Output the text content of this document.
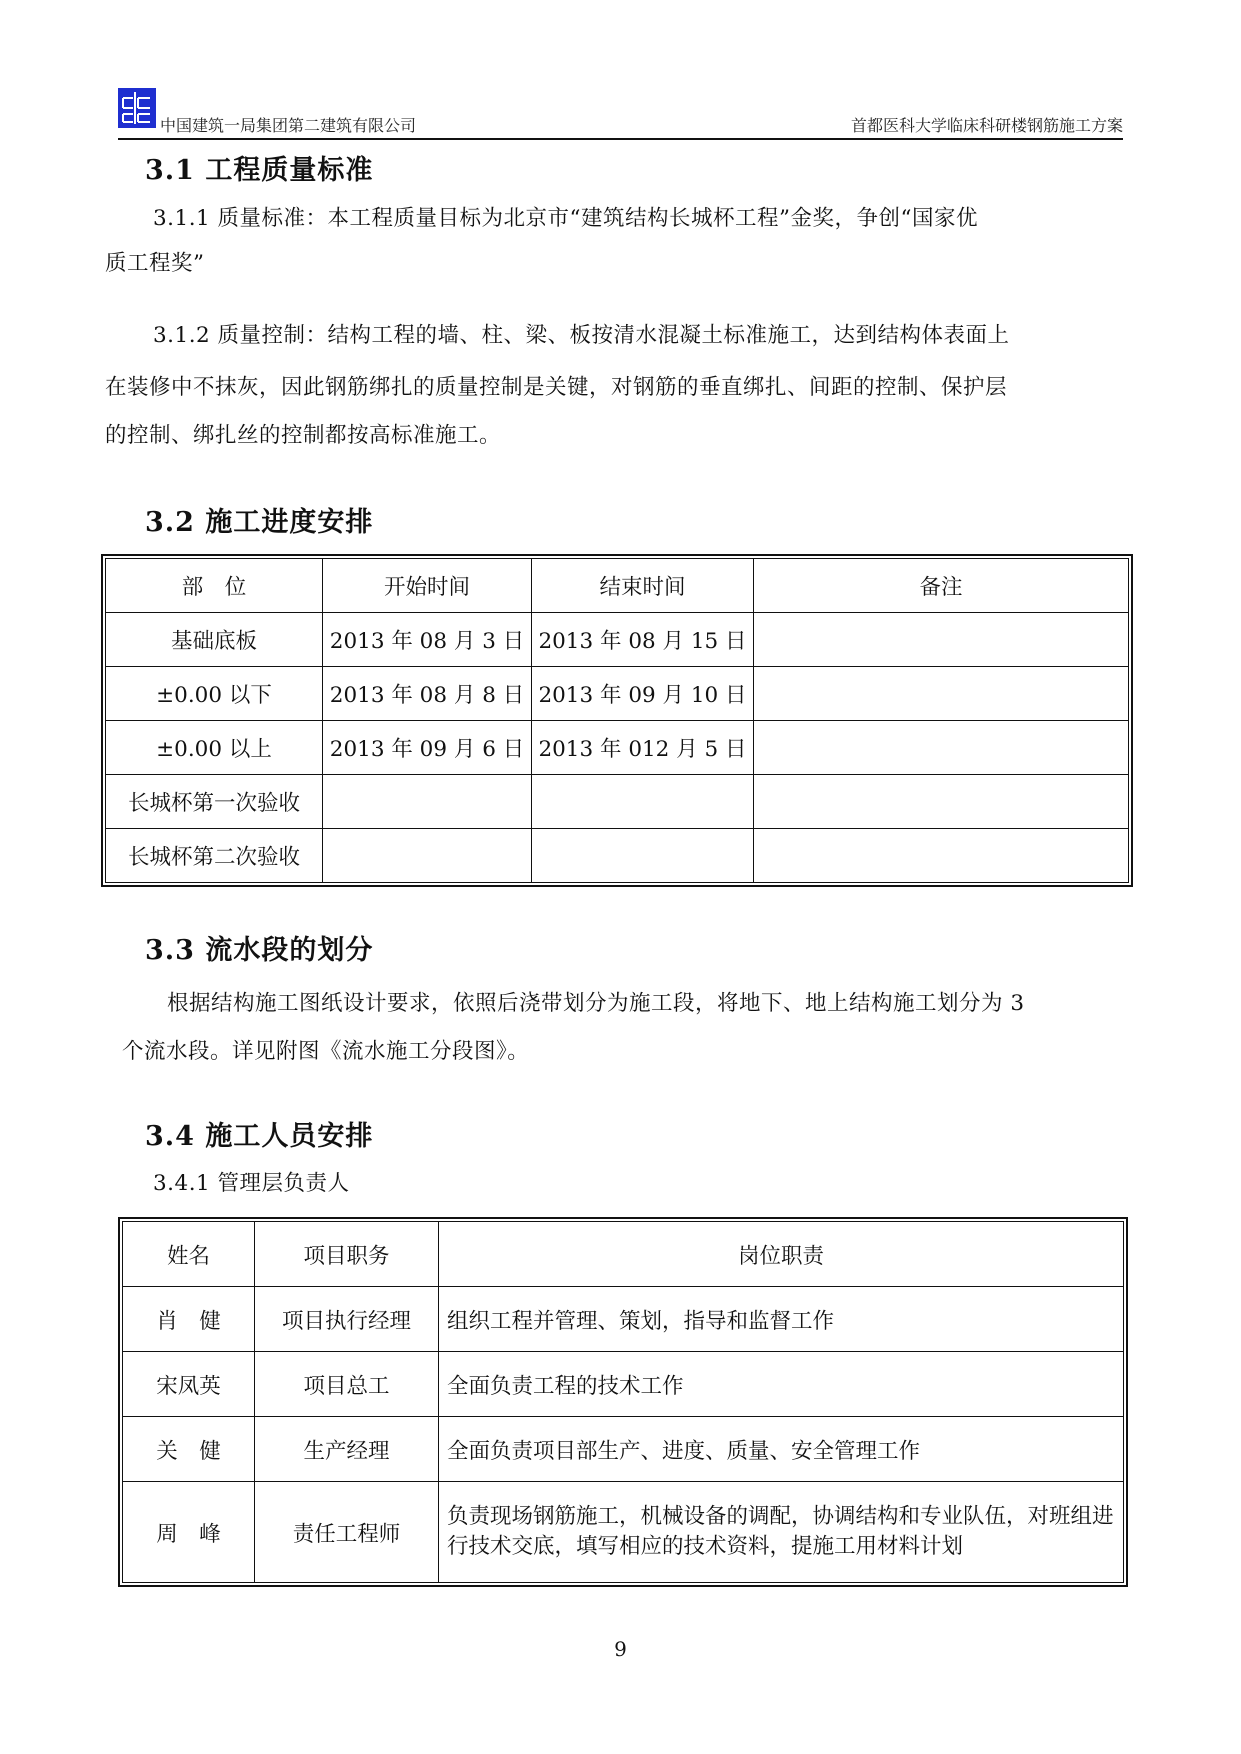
中国建筑一局集团第二建筑有限公司	首都医科大学临床科研楼钢筋施工方案
3.1 工程质量标准
3.1.1 质量标准：本工程质量目标为北京市“建筑结构长城杯工程”金奖，争创“国家优
质工程奖”
3.1.2 质量控制：结构工程的墙、柱、梁、板按清水混凝土标准施工，达到结构体表面上
在装修中不抹灰，因此钢筋绑扎的质量控制是关键，对钢筋的垂直绑扎、间距的控制、保护层
的控制、绑扎丝的控制都按高标准施工。
3.2 施工进度安排
部　位	开始时间	结束时间	备注
基础底板	2013 年 08 月 3 日	2013 年 08 月 15 日	
±0.00 以下	2013 年 08 月 8 日	2013 年 09 月 10 日	
±0.00 以上	2013 年 09 月 6 日	2013 年 012 月 5 日	
长城杯第一次验收			
长城杯第二次验收			
3.3 流水段的划分
根据结构施工图纸设计要求，依照后浇带划分为施工段，将地下、地上结构施工划分为 3
个流水段。详见附图《流水施工分段图》。
3.4 施工人员安排
3.4.1 管理层负责人
姓名	项目职务	岗位职责
肖　健	项目执行经理	组织工程并管理、策划，指导和监督工作
宋凤英	项目总工	全面负责工程的技术工作
关　健	生产经理	全面负责项目部生产、进度、质量、安全管理工作
周　峰	责任工程师	负责现场钢筋施工，机械设备的调配，协调结构和专业队伍，对班组进行技术交底，填写相应的技术资料，提施工用材料计划
9
